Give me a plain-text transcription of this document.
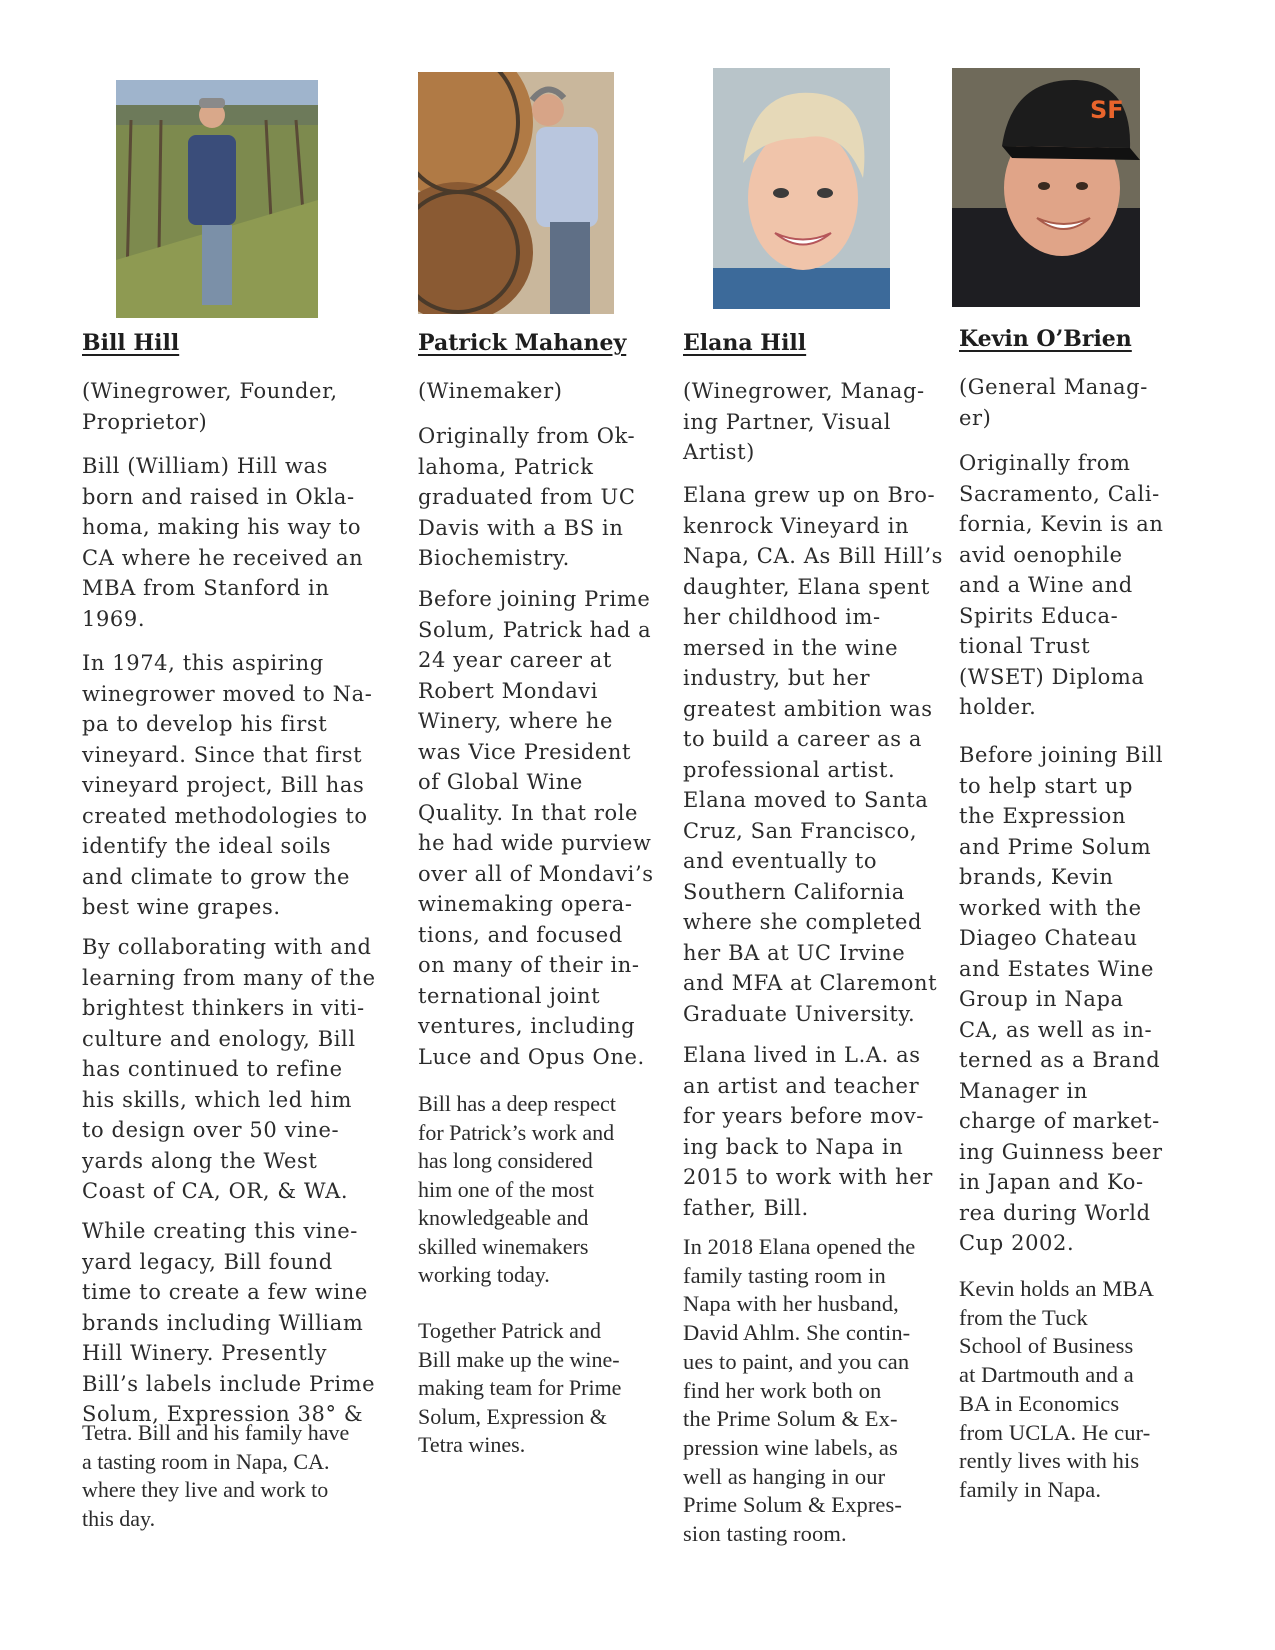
Bill Hill

(Winegrower, Founder,
Proprietor)

Bill (William) Hill was
born and raised in Okla-
homa, making his way to
CA where he received an
MBA from Stanford in
1969.

In 1974, this aspiring
winegrower moved to Na-
pa to develop his first
vineyard. Since that first
vineyard project, Bill has
created methodologies to
identify the ideal soils
and climate to grow the
best wine grapes.

By collaborating with and
learning from many of the
brightest thinkers in viti-
culture and enology, Bill
has continued to refine
his skills, which led him
to design over 50 vine-
yards along the West
Coast of CA, OR, & WA.

While creating this vine-
yard legacy, Bill found
time to create a few wine
brands including William
Hill Winery. Presently
Bill’s labels include Prime
Solum, Expression 38° &

Tetra. Bill and his family have
a tasting room in Napa, CA.
where they live and work to
this day.

Patrick Mahaney

(Winemaker)

Originally from Ok-
lahoma, Patrick
graduated from UC
Davis with a BS in
Biochemistry.

Before joining Prime
Solum, Patrick had a
24 year career at
Robert Mondavi
Winery, where he
was Vice President
of Global Wine
Quality. In that role
he had wide purview
over all of Mondavi’s
winemaking opera-
tions, and focused
on many of their in-
ternational joint
ventures, including
Luce and Opus One.

Bill has a deep respect
for Patrick’s work and
has long considered
him one of the most
knowledgeable and
skilled winemakers
working today.

Together Patrick and
Bill make up the wine-
making team for Prime
Solum, Expression &
Tetra wines.

Elana Hill

(Winegrower, Manag-
ing Partner, Visual
Artist)

Elana grew up on Bro-
kenrock Vineyard in
Napa, CA. As Bill Hill’s
daughter, Elana spent
her childhood im-
mersed in the wine
industry, but her
greatest ambition was
to build a career as a
professional artist.
Elana moved to Santa
Cruz, San Francisco,
and eventually to
Southern California
where she completed
her BA at UC Irvine
and MFA at Claremont
Graduate University.

Elana lived in L.A. as
an artist and teacher
for years before mov-
ing back to Napa in
2015 to work with her
father, Bill.

In 2018 Elana opened the
family tasting room in
Napa with her husband,
David Ahlm. She contin-
ues to paint, and you can
find her work both on
the Prime Solum & Ex-
pression wine labels, as
well as hanging in our
Prime Solum & Expres-
sion tasting room.

SF
Kevin O’Brien

(General Manag-
er)

Originally from
Sacramento, Cali-
fornia, Kevin is an
avid oenophile
and a Wine and
Spirits Educa-
tional Trust
(WSET) Diploma
holder.

Before joining Bill
to help start up
the Expression
and Prime Solum
brands, Kevin
worked with the
Diageo Chateau
and Estates Wine
Group in Napa
CA, as well as in-
terned as a Brand
Manager in
charge of market-
ing Guinness beer
in Japan and Ko-
rea during World
Cup 2002.

Kevin holds an MBA
from the Tuck
School of Business
at Dartmouth and a
BA in Economics
from UCLA. He cur-
rently lives with his
family in Napa.
